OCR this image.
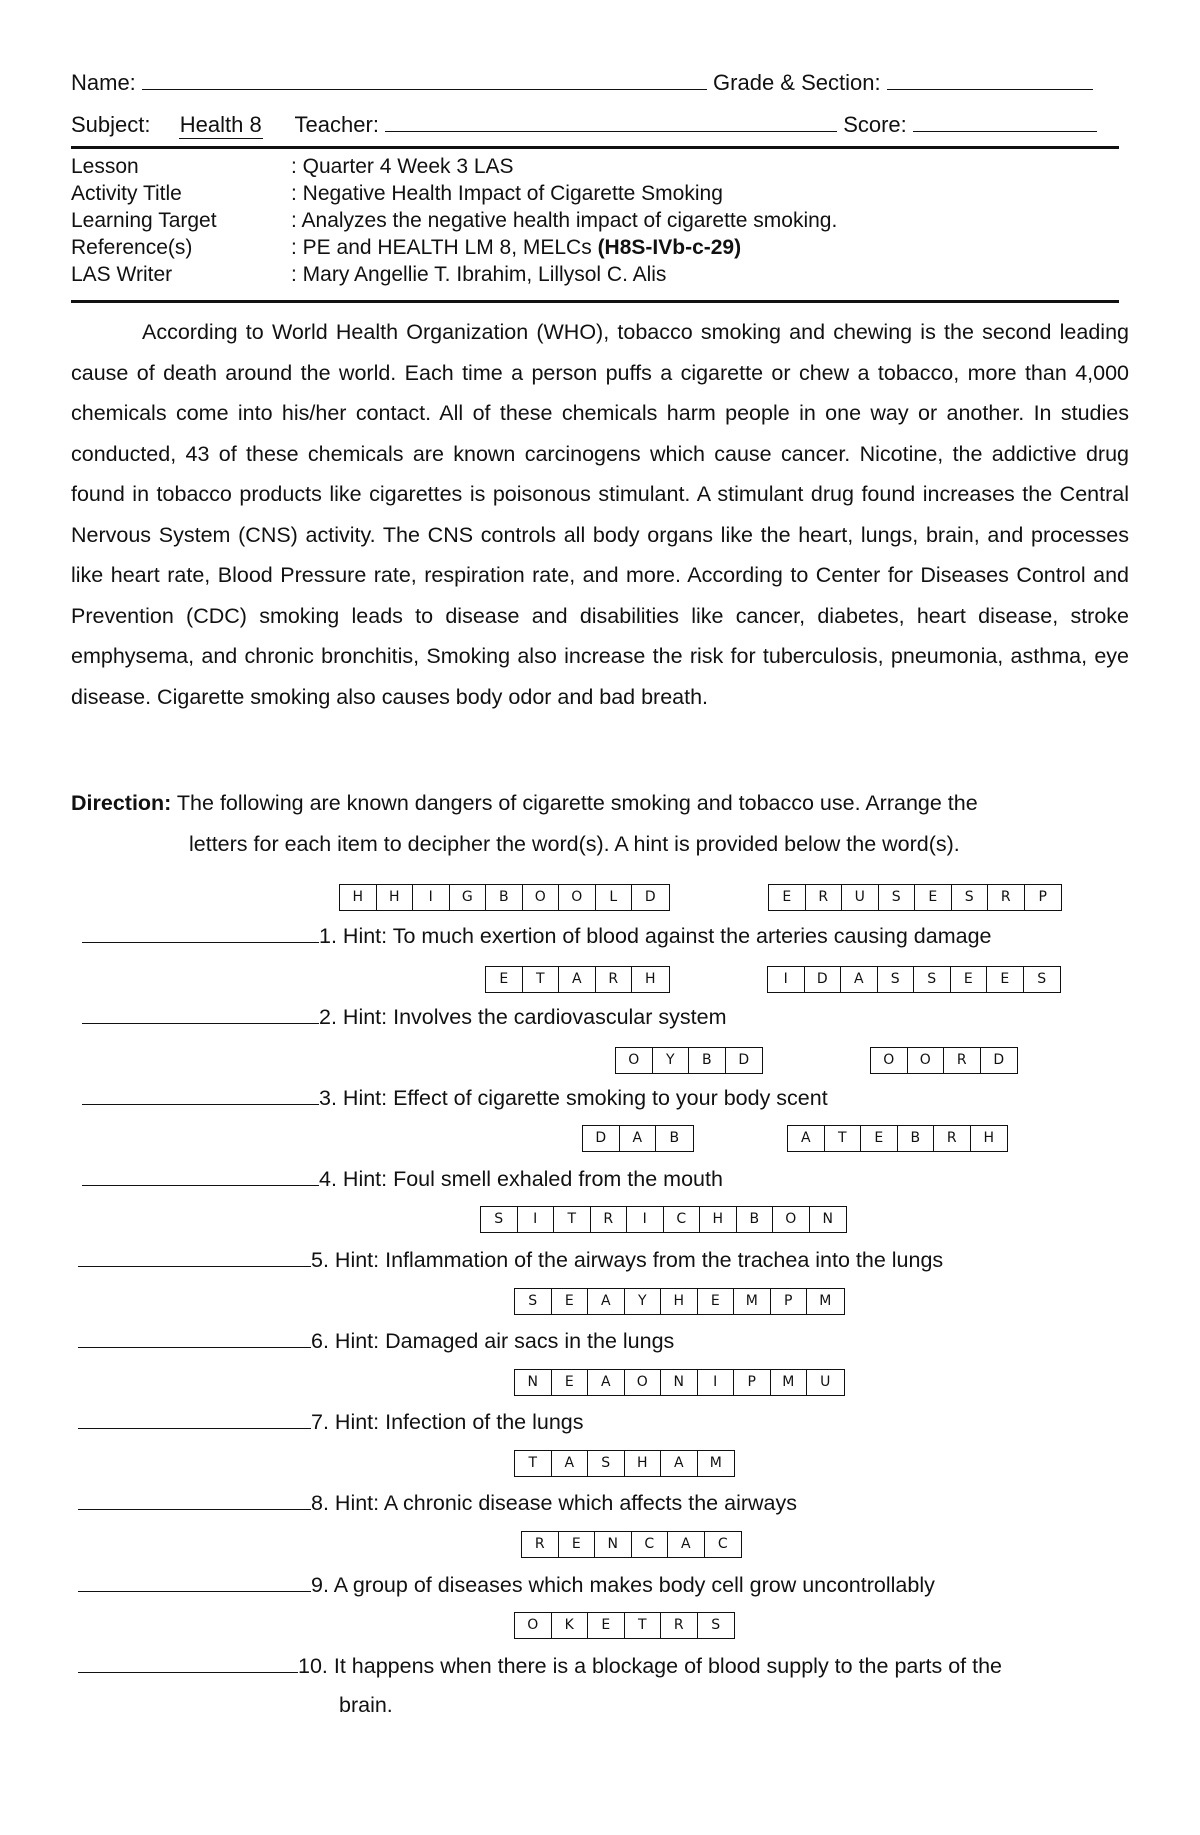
Name:	Grade & Section:
Subject: Health 8 Teacher:	Score:
Lesson	: Quarter 4 Week 3 LAS
Activity Title	: Negative Health Impact of Cigarette Smoking
Learning Target	: Analyzes the negative health impact of cigarette smoking.
Reference(s)	: PE and HEALTH LM 8, MELCs (H8S-IVb-c-29)
LAS Writer	: Mary Angellie T. Ibrahim, Lillysol C. Alis

According to World Health Organization (WHO), tobacco smoking and chewing is the second leading cause of death around the world. Each time a person puffs a cigarette or chew a tobacco, more than 4,000 chemicals come into his/her contact. All of these chemicals harm people in one way or another. In studies conducted, 43 of these chemicals are known carcinogens which cause cancer. Nicotine, the addictive drug found in tobacco products like cigarettes is poisonous stimulant. A stimulant drug found increases the Central Nervous System (CNS) activity. The CNS controls all body organs like the heart, lungs, brain, and processes like heart rate, Blood Pressure rate, respiration rate, and more. According to Center for Diseases Control and Prevention (CDC) smoking leads to disease and disabilities like cancer, diabetes, heart disease, stroke emphysema, and chronic bronchitis, Smoking also increase the risk for tuberculosis, pneumonia, asthma, eye disease. Cigarette smoking also causes body odor and bad breath.

Direction: The following are known dangers of cigarette smoking and tobacco use. Arrange the
letters for each item to decipher the word(s). A hint is provided below the word(s).
H	H	I	G	B	O	O	L	D	E	R	U	S	E	S	R	P
1. Hint: To much exertion of blood against the arteries causing damage
E	T	A	R	H	I	D	A	S	S	E	E	S
2. Hint: Involves the cardiovascular system
O	Y	B	D	O	O	R	D
3. Hint: Effect of cigarette smoking to your body scent
D	A	B	A	T	E	B	R	H
4. Hint: Foul smell exhaled from the mouth
S	I	T	R	I	C	H	B	O	N
5. Hint: Inflammation of the airways from the trachea into the lungs
S	E	A	Y	H	E	M	P	M
6. Hint: Damaged air sacs in the lungs
N	E	A	O	N	I	P	M	U
7. Hint: Infection of the lungs
T	A	S	H	A	M
8. Hint: A chronic disease which affects the airways
R	E	N	C	A	C
9. A group of diseases which makes body cell grow uncontrollably
O	K	E	T	R	S
10. It happens when there is a blockage of blood supply to the parts of the
brain.
